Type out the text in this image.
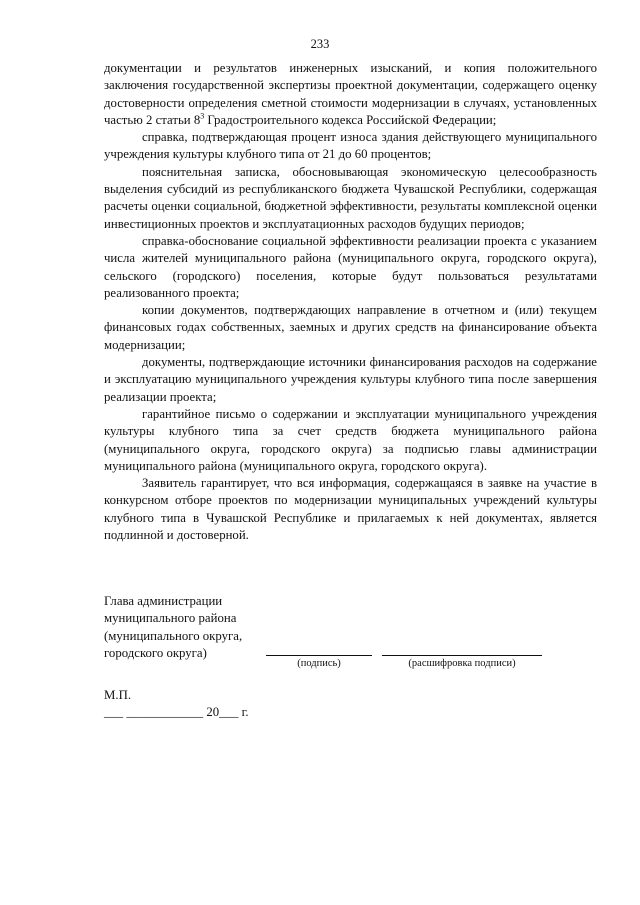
233

документации и результатов инженерных изысканий, и копия положительного заключения государственной экспертизы проектной документации, содержащего оценку достоверности определения сметной стоимости модернизации в случаях, установленных частью 2 статьи $8^3$ Градостроительного кодекса Российской Федерации;

справка, подтверждающая процент износа здания действующего муниципального учреждения культуры клубного типа от 21 до 60 процентов;

пояснительная записка, обосновывающая экономическую целесообразность выделения субсидий из республиканского бюджета Чувашской Республики, содержащая расчеты оценки социальной, бюджетной эффективности, результаты комплексной оценки инвестиционных проектов и эксплуатационных расходов будущих периодов;

справка-обоснование социальной эффективности реализации проекта с указанием числа жителей муниципального района (муниципального округа, городского округа), сельского (городского) поселения, которые будут пользоваться результатами реализованного проекта;

копии документов, подтверждающих направление в отчетном и (или) текущем финансовых годах собственных, заемных и других средств на финансирование объекта модернизации;

документы, подтверждающие источники финансирования расходов на содержание и эксплуатацию муниципального учреждения культуры клубного типа после завершения реализации проекта;

гарантийное письмо о содержании и эксплуатации муниципального учреждения культуры клубного типа за счет средств бюджета муниципального района (муниципального округа, городского округа) за подписью главы администрации муниципального района (муниципального округа, городского округа).

Заявитель гарантирует, что вся информация, содержащаяся в заявке на участие в конкурсном отборе проектов по модернизации муниципальных учреждений культуры клубного типа в Чувашской Республике и прилагаемых к ней документах, является подлинной и достоверной.

Глава администрации
муниципального района
(муниципального округа,
городского округа)
(подпись)	(расшифровка подписи)
М.П.
___ ____________ 20___ г.
